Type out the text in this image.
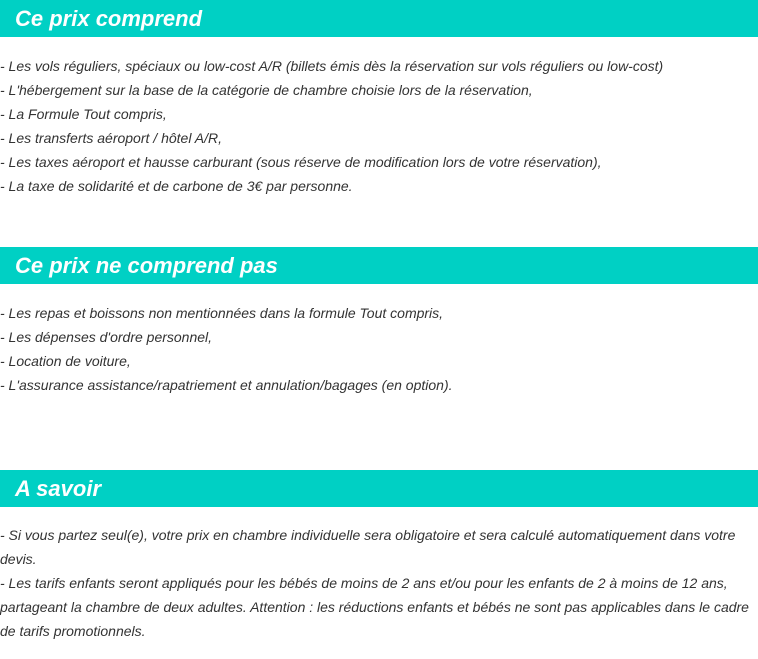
Ce prix comprend
- Les vols réguliers, spéciaux ou low-cost A/R (billets émis dès la réservation sur vols réguliers ou low-cost)
- L'hébergement sur la base de la catégorie de chambre choisie lors de la réservation,
- La Formule Tout compris,
- Les transferts aéroport / hôtel A/R,
- Les taxes aéroport et hausse carburant (sous réserve de modification lors de votre réservation),
- La taxe de solidarité et de carbone de 3€ par personne.
Ce prix ne comprend pas
- Les repas et boissons non mentionnées dans la formule Tout compris,
- Les dépenses d'ordre personnel,
- Location de voiture,
- L'assurance assistance/rapatriement et annulation/bagages (en option).
A savoir
- Si vous partez seul(e), votre prix en chambre individuelle sera obligatoire et sera calculé automatiquement dans votre devis.
- Les tarifs enfants seront appliqués pour les bébés de moins de 2 ans et/ou pour les enfants de 2 à moins de 12 ans, partageant la chambre de deux adultes. Attention : les réductions enfants et bébés ne sont pas applicables dans le cadre de tarifs promotionnels.
